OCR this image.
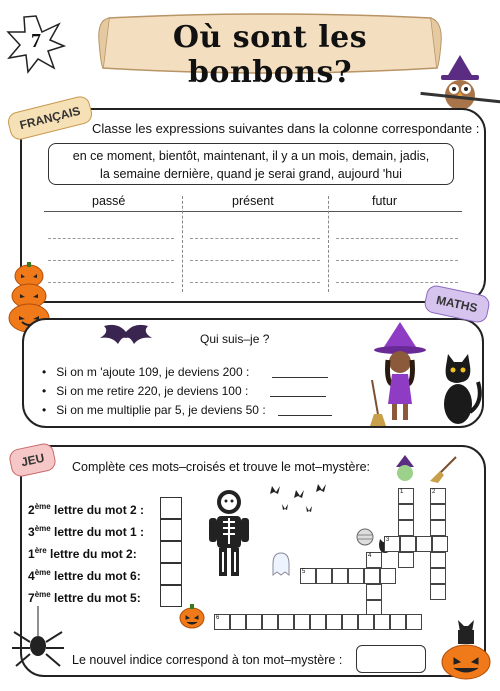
7	Où sont les bonbons?
FRANÇAIS Classe les expressions suivantes dans la colonne correspondante :
en ce moment, bientôt, maintenant, il y a un mois, demain, jadis,
la semaine dernière, quand je serai grand, aujourd 'hui
passé	présent	futur
MATHS
Qui suis–je ?
•   Si on m 'ajoute 109, je deviens 200 :
•   Si on me retire 220, je deviens 100 :
•   Si on me multiplie par 5, je deviens 50 :
JEU	Complète ces mots–croisés et trouve le mot–mystère:
2ème lettre du mot 2 :
3ème lettre du mot 1 :
1ère lettre du mot 2:
4ème lettre du mot 6:
7ème lettre du mot 5:
1	2
3
4
5
6
Le nouvel indice correspond à ton mot–mystère :
